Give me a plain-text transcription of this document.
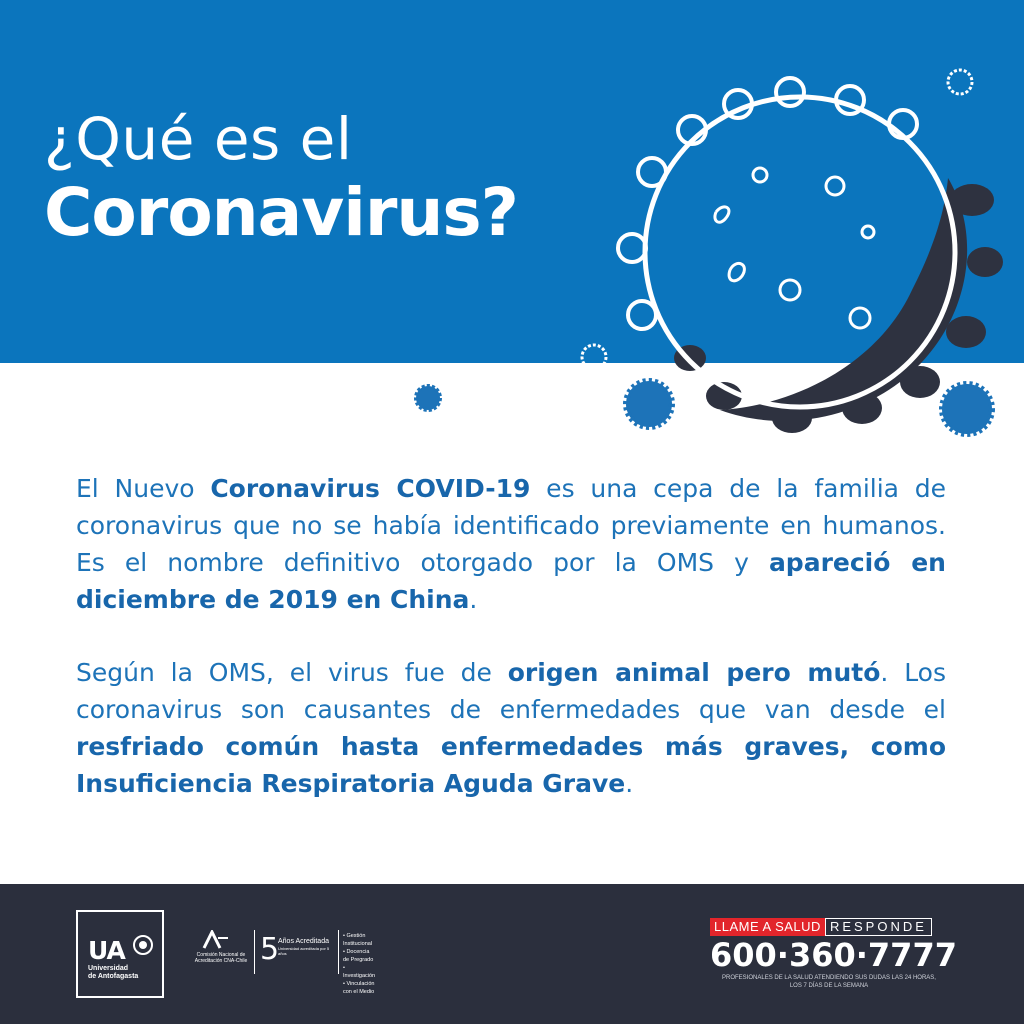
¿Qué es el
Coronavirus?

El Nuevo Coronavirus COVID-19 es una cepa de la familia de coronavirus que no se había identificado previamente en humanos. Es el nombre definitivo otorgado por la OMS y apareció en diciembre de 2019 en China.

Según la OMS, el virus fue de origen animal pero mutó. Los coronavirus son causantes de enfermedades que van desde el resfriado común hasta enfermedades más graves, como Insuficiencia Respiratoria Aguda Grave.

UA
Universidad
de Antofagasta
Comisión Nacional de Acreditación CNA-Chile 5
Años Acreditada
Universidad acreditada por 5 años
• Gestión Institucional
• Docencia de Pregrado
• Investigación
• Vinculación con el Medio
LLAME A SALUD RESPONDE
600·360·7777
PROFESIONALES DE LA SALUD ATENDIENDO SUS DUDAS LAS 24 HORAS,
LOS 7 DÍAS DE LA SEMANA
